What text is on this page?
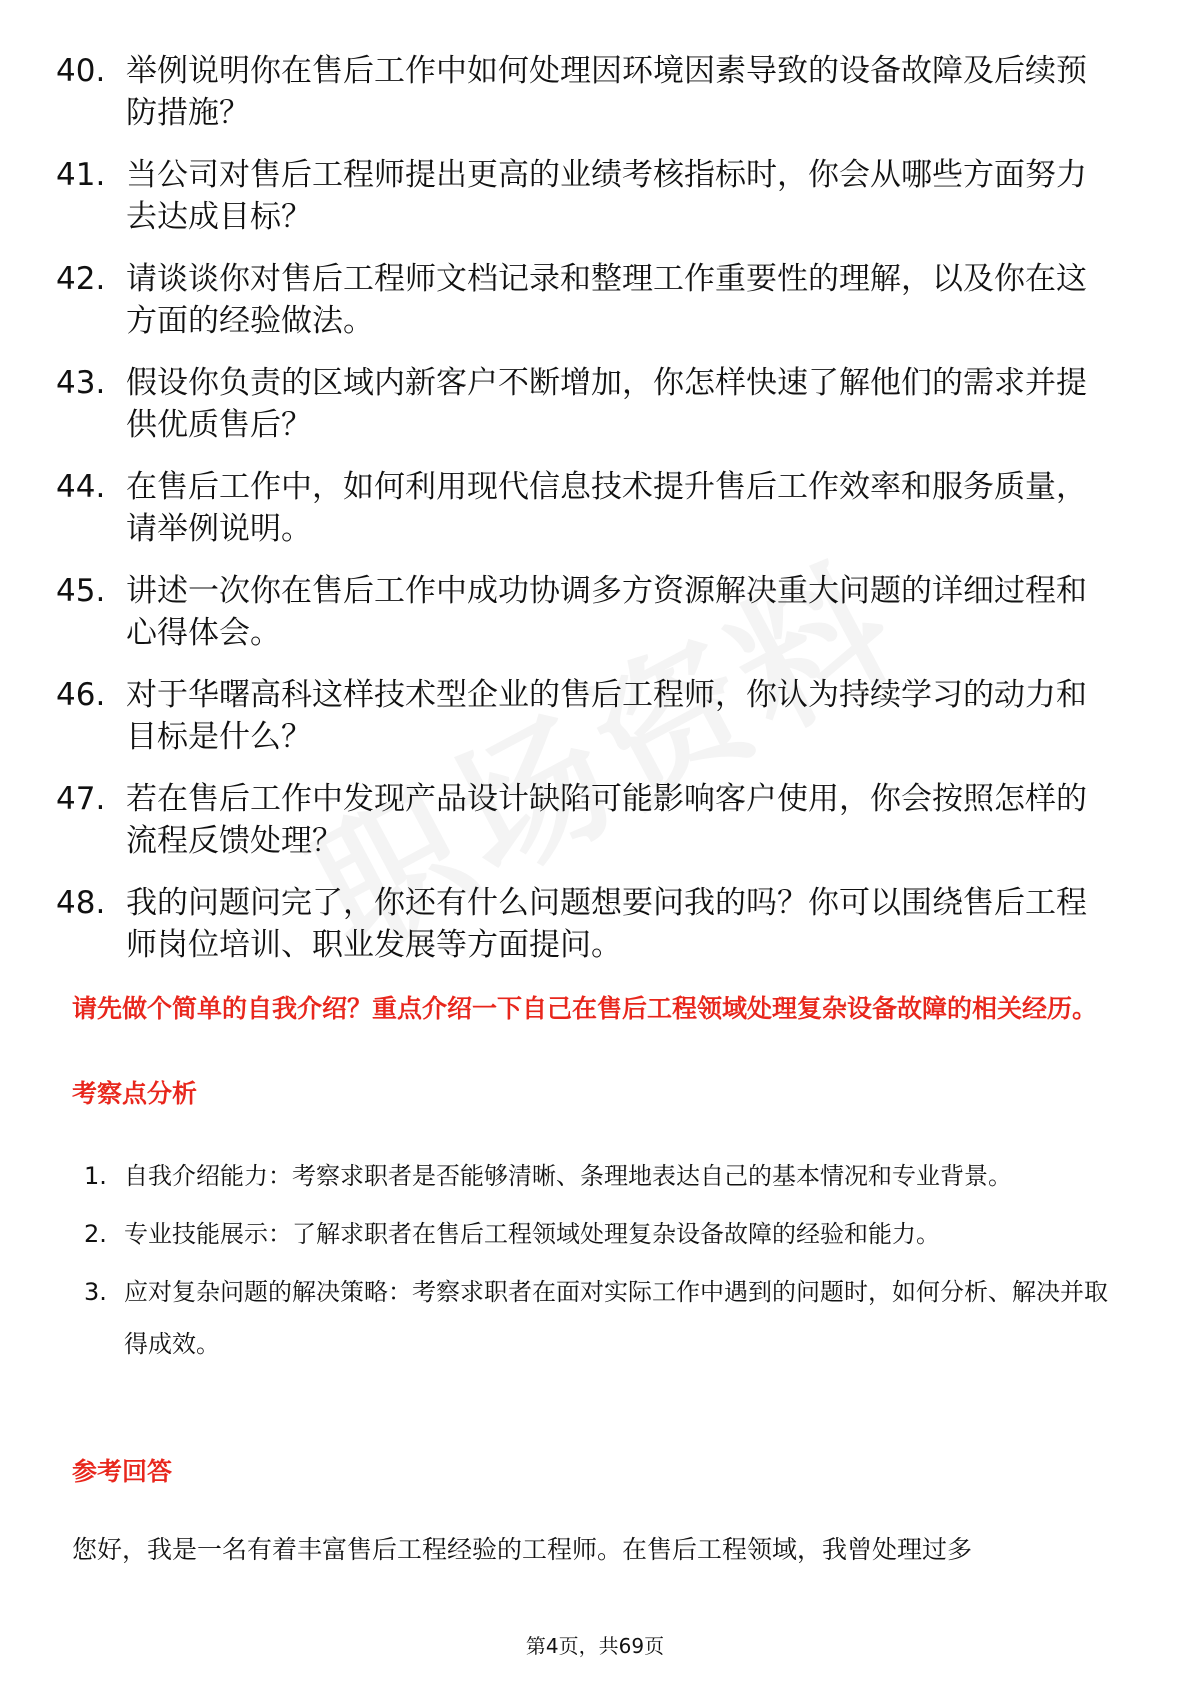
40. 举例说明你在售后工作中如何处理因环境因素导致的设备故障及后续预防措施？
41. 当公司对售后工程师提出更高的业绩考核指标时，你会从哪些方面努力去达成目标？
42. 请谈谈你对售后工程师文档记录和整理工作重要性的理解，以及你在这方面的经验做法。
43. 假设你负责的区域内新客户不断增加，你怎样快速了解他们的需求并提供优质售后？
44. 在售后工作中，如何利用现代信息技术提升售后工作效率和服务质量，请举例说明。
45. 讲述一次你在售后工作中成功协调多方资源解决重大问题的详细过程和心得体会。
46. 对于华曙高科这样技术型企业的售后工程师，你认为持续学习的动力和目标是什么？
47. 若在售后工作中发现产品设计缺陷可能影响客户使用，你会按照怎样的流程反馈处理？
48. 我的问题问完了，你还有什么问题想要问我的吗？你可以围绕售后工程师岗位培训、职业发展等方面提问。
请先做个简单的自我介绍？重点介绍一下自己在售后工程领域处理复杂设备故障的相关经历。
考察点分析
1. 自我介绍能力：考察求职者是否能够清晰、条理地表达自己的基本情况和专业背景。
2. 专业技能展示：了解求职者在售后工程领域处理复杂设备故障的经验和能力。
3. 应对复杂问题的解决策略：考察求职者在面对实际工作中遇到的问题时，如何分析、解决并取得成效。
参考回答
您好，我是一名有着丰富售后工程经验的工程师。在售后工程领域，我曾处理过多
第4页，共69页
